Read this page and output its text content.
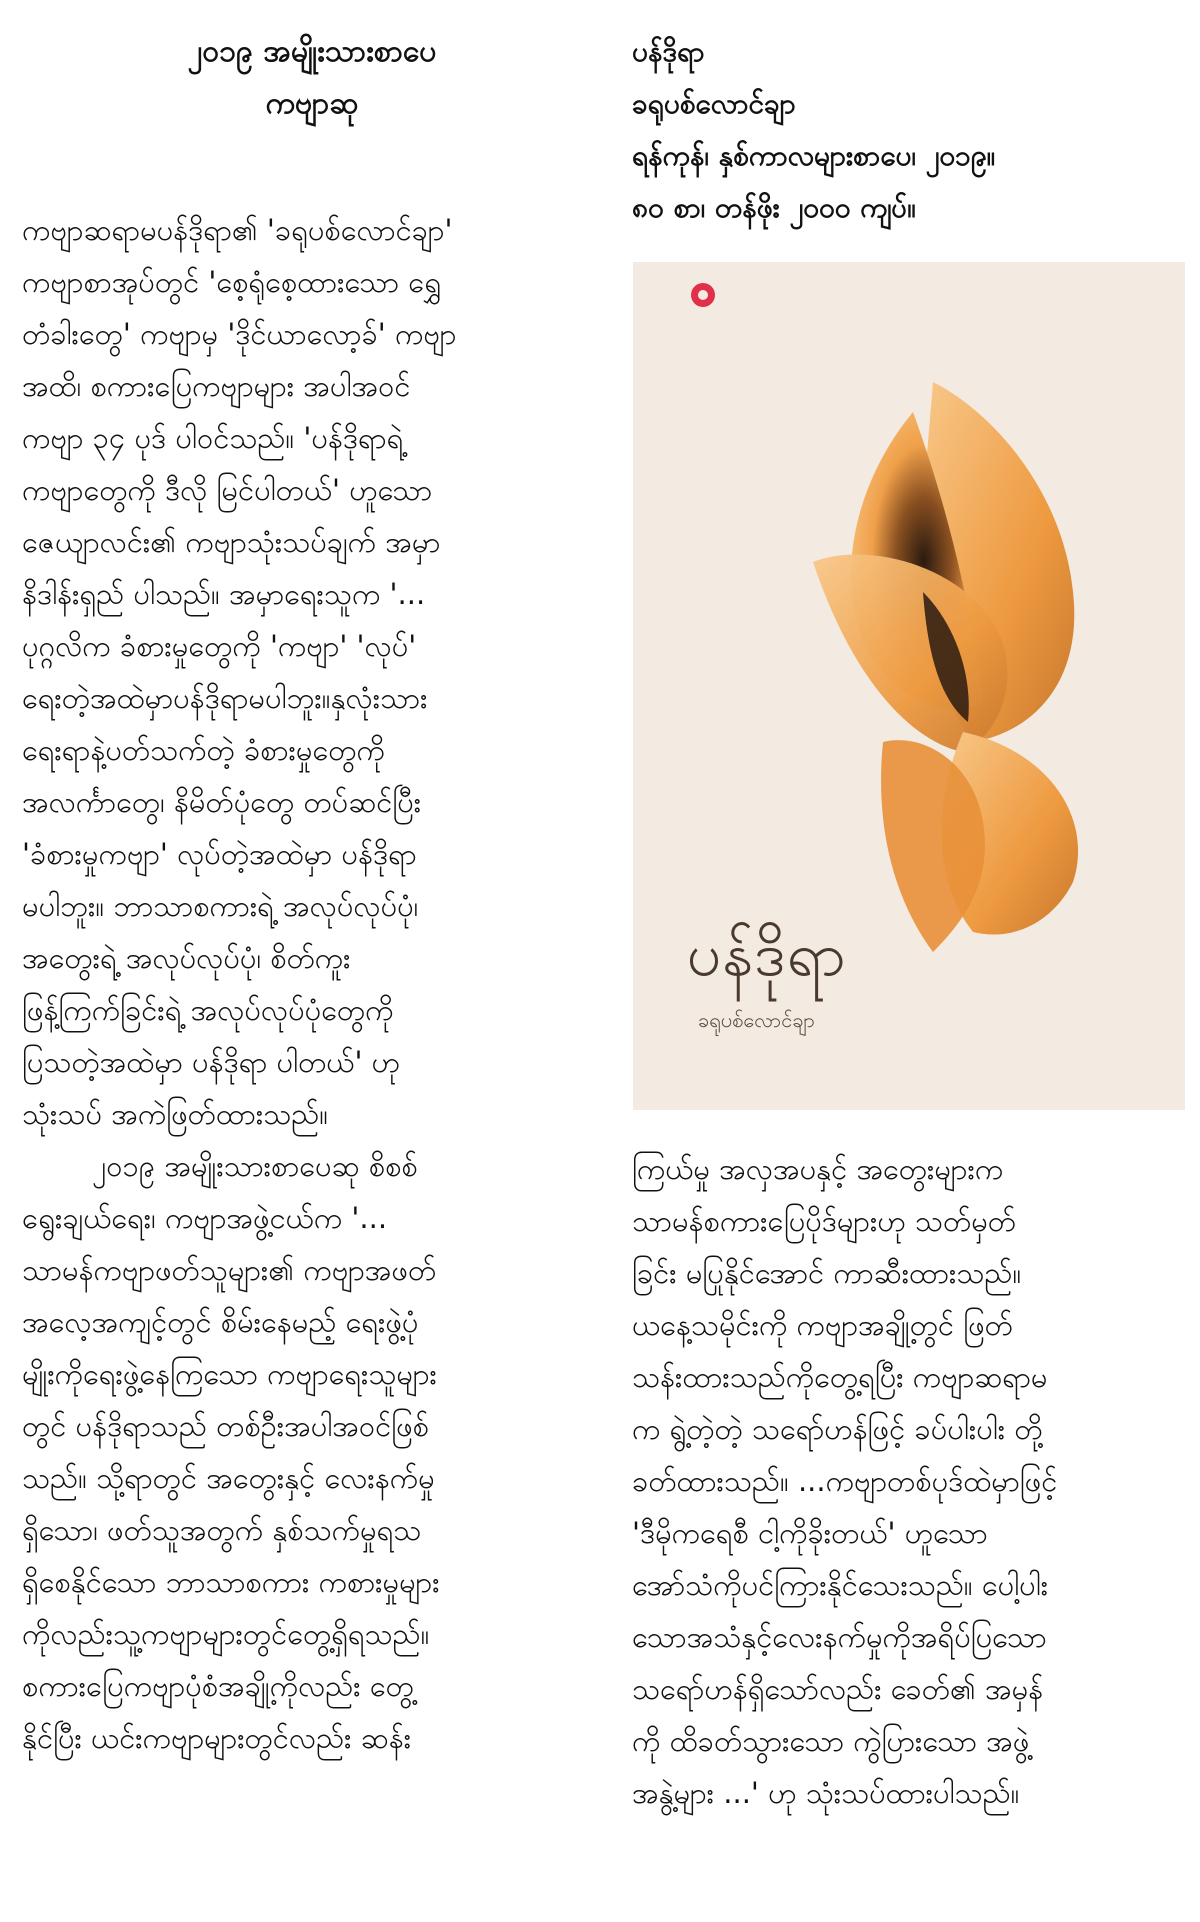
၂၀၁၉ အမျိုးသားစာပေ
ကဗျာဆု
ကဗျာဆရာမပန်ဒိုရာ၏ 'ခရုပစ်လောင်ချာ'
ကဗျာစာအုပ်တွင် 'စေ့ရုံစေ့ထားသော ရွှေ
တံခါးတွေ' ကဗျာမှ 'ဒိုင်ယာလော့ခ်' ကဗျာ
အထိ၊ စကားပြေကဗျာများ အပါအဝင်
ကဗျာ ၃၄ ပုဒ် ပါဝင်သည်။ 'ပန်ဒိုရာရဲ့
ကဗျာတွေကို ဒီလို မြင်ပါတယ်' ဟူသော
ဇေယျာလင်း၏ ကဗျာသုံးသပ်ချက် အမှာ
နိဒါန်းရှည် ပါသည်။ အမှာရေးသူက '...
ပုဂ္ဂလိက ခံစားမှုတွေကို 'ကဗျာ' 'လုပ်'
ရေးတဲ့အထဲမှာပန်ဒိုရာမပါဘူး။နှလုံးသား
ရေးရာနဲ့ပတ်သက်တဲ့ ခံစားမှုတွေကို
အလင်္ကာတွေ၊ နိမိတ်ပုံတွေ တပ်ဆင်ပြီး
'ခံစားမှုကဗျာ' လုပ်တဲ့အထဲမှာ ပန်ဒိုရာ
မပါဘူး။ ဘာသာစကားရဲ့ အလုပ်လုပ်ပုံ၊
အတွေးရဲ့ အလုပ်လုပ်ပုံ၊ စိတ်ကူး
ဖြန့်ကြက်ခြင်းရဲ့ အလုပ်လုပ်ပုံတွေကို
ပြသတဲ့အထဲမှာ ပန်ဒိုရာ ပါတယ်' ဟု
သုံးသပ် အကဲဖြတ်ထားသည်။
၂၀၁၉ အမျိုးသားစာပေဆု စိစစ်
ရွေးချယ်ရေး၊ ကဗျာအဖွဲ့ငယ်က '...
သာမန်ကဗျာဖတ်သူများ၏ ကဗျာအဖတ်
အလေ့အကျင့်တွင် စိမ်းနေမည့် ရေးဖွဲ့ပုံ
မျိုးကိုရေးဖွဲ့နေကြသော ကဗျာရေးသူများ
တွင် ပန်ဒိုရာသည် တစ်ဦးအပါအဝင်ဖြစ်
သည်။ သို့ရာတွင် အတွေးနှင့် လေးနက်မှု
ရှိသော၊ ဖတ်သူအတွက် နှစ်သက်မှုရသ
ရှိစေနိုင်သော ဘာသာစကား ကစားမှုများ
ကိုလည်းသူ့ကဗျာများတွင်တွေ့ရှိရသည်။
စကားပြေကဗျာပုံစံအချို့ကိုလည်း တွေ့
နိုင်ပြီး ယင်းကဗျာများတွင်လည်း ဆန်း
ပန်ဒိုရာ
ခရုပစ်လောင်ချာ
ရန်ကုန်၊ နှစ်ကာလများစာပေ၊ ၂၀၁၉။
၈၀ စာ၊ တန်ဖိုး ၂၀၀၀ ကျပ်။
ပန်ဒိုရာ
ခရုပစ်လောင်ချာ
ကြယ်မှု အလှအပနှင့် အတွေးများက
သာမန်စကားပြေပိုဒ်များဟု သတ်မှတ်
ခြင်း မပြုနိုင်အောင် ကာဆီးထားသည်။
ယနေ့သမိုင်းကို ကဗျာအချို့တွင် ဖြတ်
သန်းထားသည်ကိုတွေ့ရပြီး ကဗျာဆရာမ
က ရွဲ့တဲ့တဲ့ သရော်ဟန်ဖြင့် ခပ်ပါးပါး တို့
ခတ်ထားသည်။ ...ကဗျာတစ်ပုဒ်ထဲမှာဖြင့်
'ဒီမိုကရေစီ ငါ့ကိုခိုးတယ်' ဟူသော
အော်သံကိုပင်ကြားနိုင်သေးသည်။ ပေါ့ပါး
သောအသံနှင့်လေးနက်မှုကိုအရိပ်ပြသော
သရော်ဟန်ရှိသော်လည်း ခေတ်၏ အမှန်
ကို ထိခတ်သွားသော ကွဲပြားသော အဖွဲ့
အနွဲ့များ ...' ဟု သုံးသပ်ထားပါသည်။
